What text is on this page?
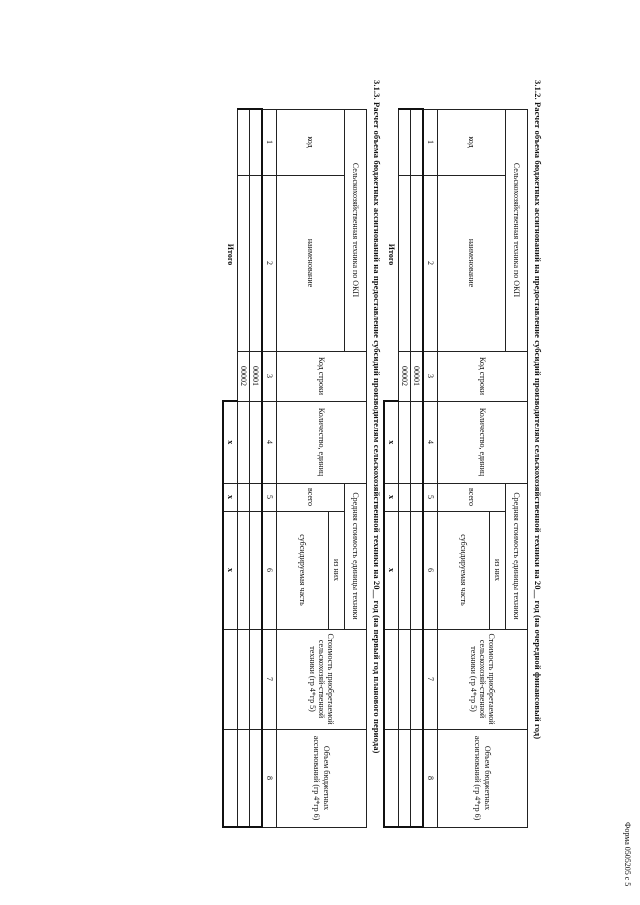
Форма 0505205 с 5
3.1.2. Расчет объема бюджетных ассигнований на предоставление субсидий производителям сельскохозяйственной техники на 20__ год (на очередной финансовый год)
Сельскохозяйственная техника по ОКП		Код строки	Количество, единиц	Средняя стоимость единицы техники		Стоимость приобретаемой сельскохозяй-ственной техники (гр 4*гр 5)	Объем бюджетных ассигнований (гр 4*гр 6)
код	наименование			всего	из них		
					субсидируемая часть		
1	2	3	4	5	6	7	8
		00001					
		00002					
Итого			x	x	x		
3.1.3. Расчет объема бюджетных ассигнований на предоставление субсидий производителям сельскохозяйственной техники на 20__ год (на первый год планового периода)
Сельскохозяйственная техника по ОКП		Код строки	Количество, единиц	Средняя стоимость единицы техники		Стоимость приобретаемой сельскохозяй-ственной техники (гр 4*гр 5)	Объем бюджетных ассигнований (гр 4*гр 6)
код	наименование			всего	из них		
					субсидируемая часть		
1	2	3	4	5	6	7	8
		00001					
		00002					
Итого			x	x	x		
